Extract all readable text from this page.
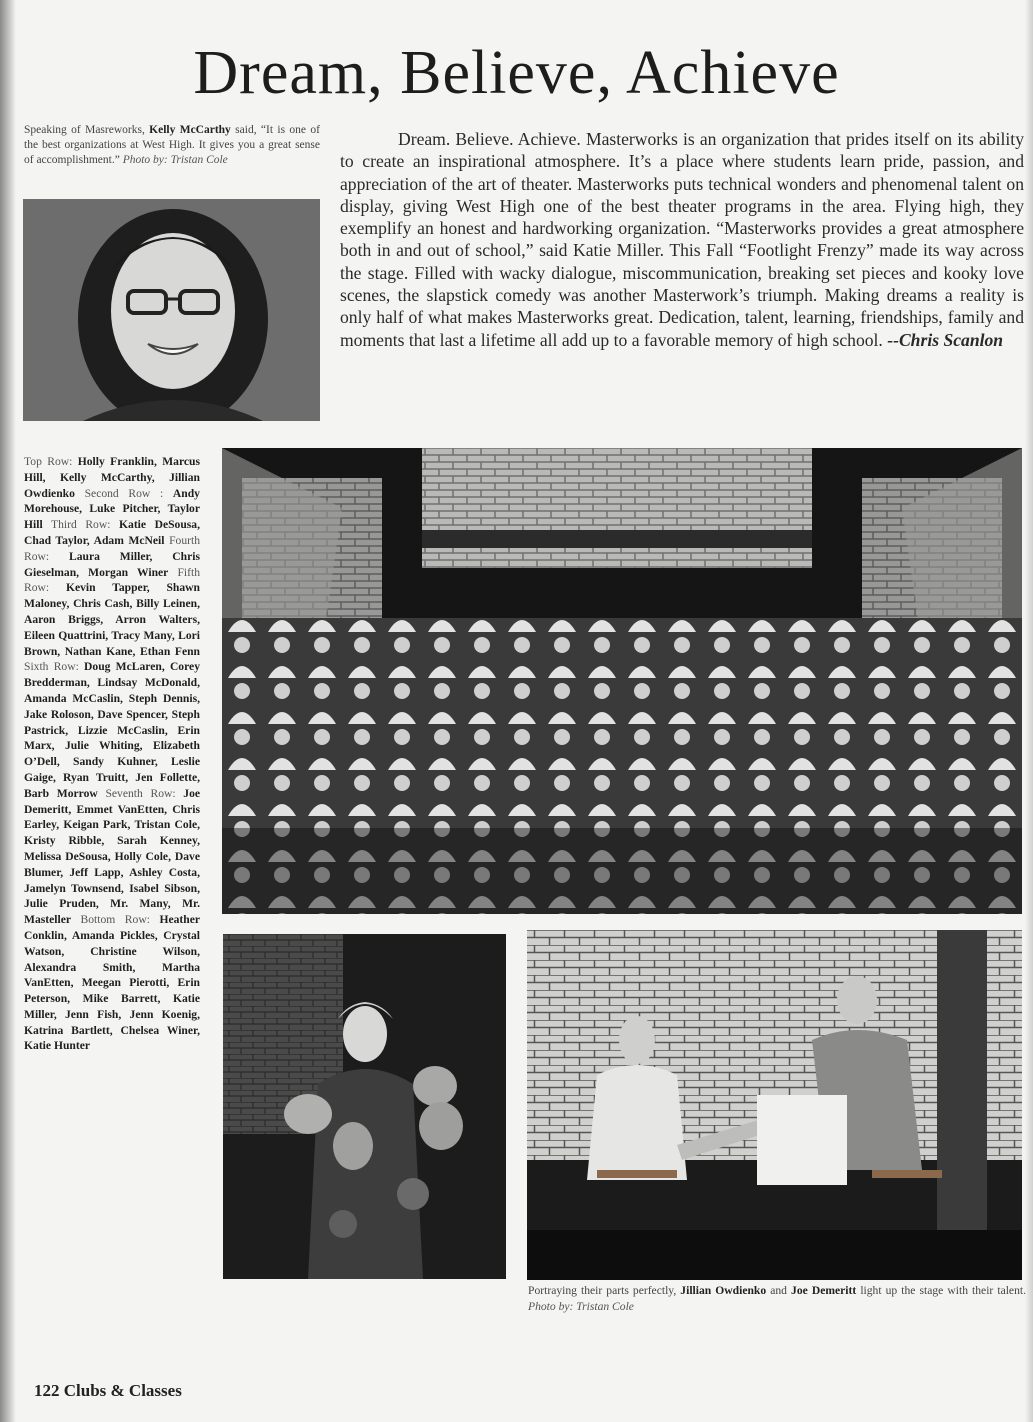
Dream, Believe, Achieve
Speaking of Masreworks, Kelly McCarthy said, “It is one of the best organizations at West High. It gives you a great sense of accomplishment.” Photo by: Tristan Cole

Dream. Believe. Achieve. Masterworks is an organization that prides itself on its ability to create an inspirational atmosphere. It’s a place where students learn pride, passion, and appreciation of the art of theater. Masterworks puts technical wonders and phenomenal talent on display, giving West High one of the best theater programs in the area. Flying high, they exemplify an honest and hardworking organization. “Masterworks provides a great atmosphere both in and out of school,” said Katie Miller. This Fall “Footlight Frenzy” made its way across the stage. Filled with wacky dialogue, miscommunication, breaking set pieces and kooky love scenes, the slapstick comedy was another Masterwork’s triumph. Making dreams a reality is only half of what makes Masterworks great. Dedication, talent, learning, friendships, family and moments that last a lifetime all add up to a favorable memory of high school. --Chris Scanlon

Top Row: Holly Franklin, Marcus Hill, Kelly McCarthy, Jillian Owdienko Second Row : Andy Morehouse, Luke Pitcher, Taylor Hill Third Row: Katie DeSousa, Chad Taylor, Adam McNeil Fourth Row: Laura Miller, Chris Gieselman, Morgan Winer Fifth Row: Kevin Tapper, Shawn Maloney, Chris Cash, Billy Leinen, Aaron Briggs, Arron Walters, Eileen Quattrini, Tracy Many, Lori Brown, Nathan Kane, Ethan Fenn Sixth Row: Doug McLaren, Corey Bredderman, Lindsay McDonald, Amanda McCaslin, Steph Dennis, Jake Roloson, Dave Spencer, Steph Pastrick, Lizzie McCaslin, Erin Marx, Julie Whiting, Elizabeth O’Dell, Sandy Kuhner, Leslie Gaige, Ryan Truitt, Jen Follette, Barb Morrow Seventh Row: Joe Demeritt, Emmet VanEtten, Chris Earley, Keigan Park, Tristan Cole, Kristy Ribble, Sarah Kenney, Melissa DeSousa, Holly Cole, Dave Blumer, Jeff Lapp, Ashley Costa, Jamelyn Townsend, Isabel Sibson, Julie Pruden, Mr. Many, Mr. Masteller Bottom Row: Heather Conklin, Amanda Pickles, Crystal Watson, Christine Wilson, Alexandra Smith, Martha VanEtten, Meegan Pierotti, Erin Peterson, Mike Barrett, Katie Miller, Jenn Fish, Jenn Koenig, Katrina Bartlett, Chelsea Winer, Katie Hunter
Portraying their parts perfectly, Jillian Owdienko and Joe Demeritt light up the stage with their talent. Photo by: Tristan Cole
122 Clubs & Classes
